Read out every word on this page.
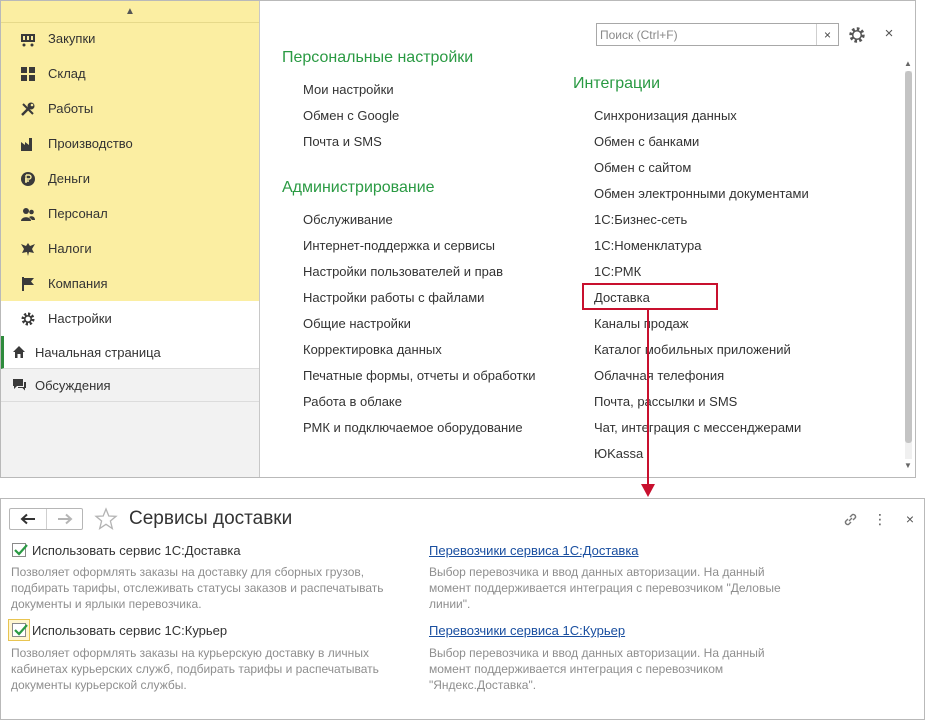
▲
Закупки
Склад
Работы
Производство
Деньги
Персонал
Налоги
Компания
Настройки
Начальная страница
Обсуждения
Поиск (Ctrl+F)
×	×
Персональные настройки
Мои настройки
Обмен с Google
Почта и SMS
Администрирование
Обслуживание
Интернет-поддержка и сервисы
Настройки пользователей и прав
Настройки работы с файлами
Общие настройки
Корректировка данных
Печатные формы, отчеты и обработки
Работа в облаке
РМК и подключаемое оборудование
Интеграции
Синхронизация данных
Обмен с банками
Обмен с сайтом
Обмен электронными документами
1С:Бизнес-сеть
1С:Номенклатура
1С:РМК
Доставка
Каналы продаж
Каталог мобильных приложений
Облачная телефония
Почта, рассылки и SMS
Чат, интеграция с мессенджерами
ЮKassa
▲
▼
Сервисы доставки	⋮ ×
Использовать сервис 1С:Доставка
Позволяет оформлять заказы на доставку для сборных грузов,
подбирать тарифы, отслеживать статусы заказов и распечатывать
документы и ярлыки перевозчика.
Перевозчики сервиса 1С:Доставка
Выбор перевозчика и ввод данных авторизации. На данный
момент поддерживается интеграция с перевозчиком "Деловые
линии".
Использовать сервис 1С:Курьер
Позволяет оформлять заказы на курьерскую доставку в личных
кабинетах курьерских служб, подбирать тарифы и распечатывать
документы курьерской службы.
Перевозчики сервиса 1С:Курьер
Выбор перевозчика и ввод данных авторизации. На данный
момент поддерживается интеграция с перевозчиком
"Яндекс.Доставка".
